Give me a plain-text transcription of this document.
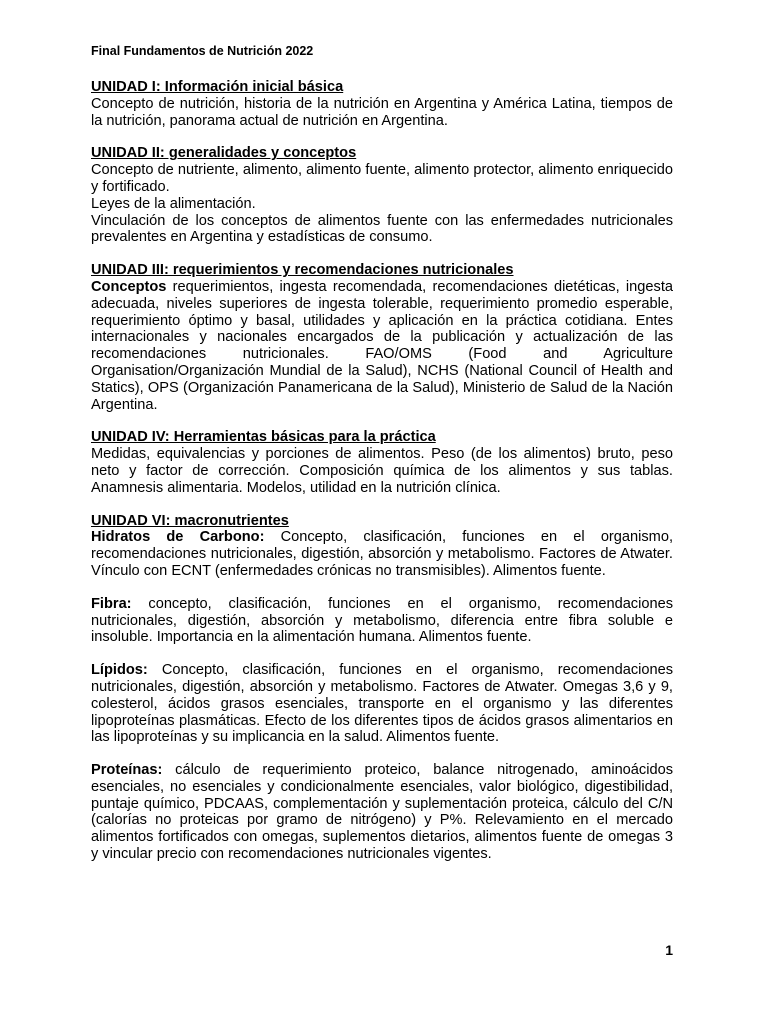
Final Fundamentos de Nutrición 2022
UNIDAD I: Información inicial básica

Concepto de nutrición, historia de la nutrición en Argentina y América Latina, tiempos de la nutrición, panorama actual de nutrición en Argentina.

UNIDAD II: generalidades y conceptos

Concepto de nutriente, alimento, alimento fuente, alimento protector, alimento enriquecido y fortificado.

Leyes de la alimentación.

Vinculación de los conceptos de alimentos fuente con las enfermedades nutricionales prevalentes en Argentina y estadísticas de consumo.

UNIDAD III: requerimientos y recomendaciones nutricionales

Conceptos requerimientos, ingesta recomendada, recomendaciones dietéticas, ingesta adecuada, niveles superiores de ingesta tolerable, requerimiento promedio esperable, requerimiento óptimo y basal, utilidades y aplicación en la práctica cotidiana. Entes internacionales y nacionales encargados de la publicación y actualización de las recomendaciones nutricionales. FAO/OMS (Food and Agriculture Organisation/Organización Mundial de la Salud), NCHS (National Council of Health and Statics), OPS (Organización Panamericana de la Salud), Ministerio de Salud de la Nación Argentina.

UNIDAD IV: Herramientas básicas para la práctica

Medidas, equivalencias y porciones de alimentos. Peso (de los alimentos) bruto, peso neto y factor de corrección. Composición química de los alimentos y sus tablas. Anamnesis alimentaria. Modelos, utilidad en la nutrición clínica.

UNIDAD VI: macronutrientes

Hidratos de Carbono: Concepto, clasificación, funciones en el organismo, recomendaciones nutricionales, digestión, absorción y metabolismo. Factores de Atwater. Vínculo con ECNT (enfermedades crónicas no transmisibles). Alimentos fuente.

Fibra: concepto, clasificación, funciones en el organismo, recomendaciones nutricionales, digestión, absorción y metabolismo, diferencia entre fibra soluble e insoluble. Importancia en la alimentación humana. Alimentos fuente.

Lípidos: Concepto, clasificación, funciones en el organismo, recomendaciones nutricionales, digestión, absorción y metabolismo. Factores de Atwater. Omegas 3,6 y 9, colesterol, ácidos grasos esenciales, transporte en el organismo y las diferentes lipoproteínas plasmáticas. Efecto de los diferentes tipos de ácidos grasos alimentarios en las lipoproteínas y su implicancia en la salud. Alimentos fuente.

Proteínas: cálculo de requerimiento proteico, balance nitrogenado, aminoácidos esenciales, no esenciales y condicionalmente esenciales, valor biológico, digestibilidad, puntaje químico, PDCAAS, complementación y suplementación proteica, cálculo del C/N (calorías no proteicas por gramo de nitrógeno) y P%. Relevamiento en el mercado alimentos fortificados con omegas, suplementos dietarios, alimentos fuente de omegas 3 y vincular precio con recomendaciones nutricionales vigentes.

1
